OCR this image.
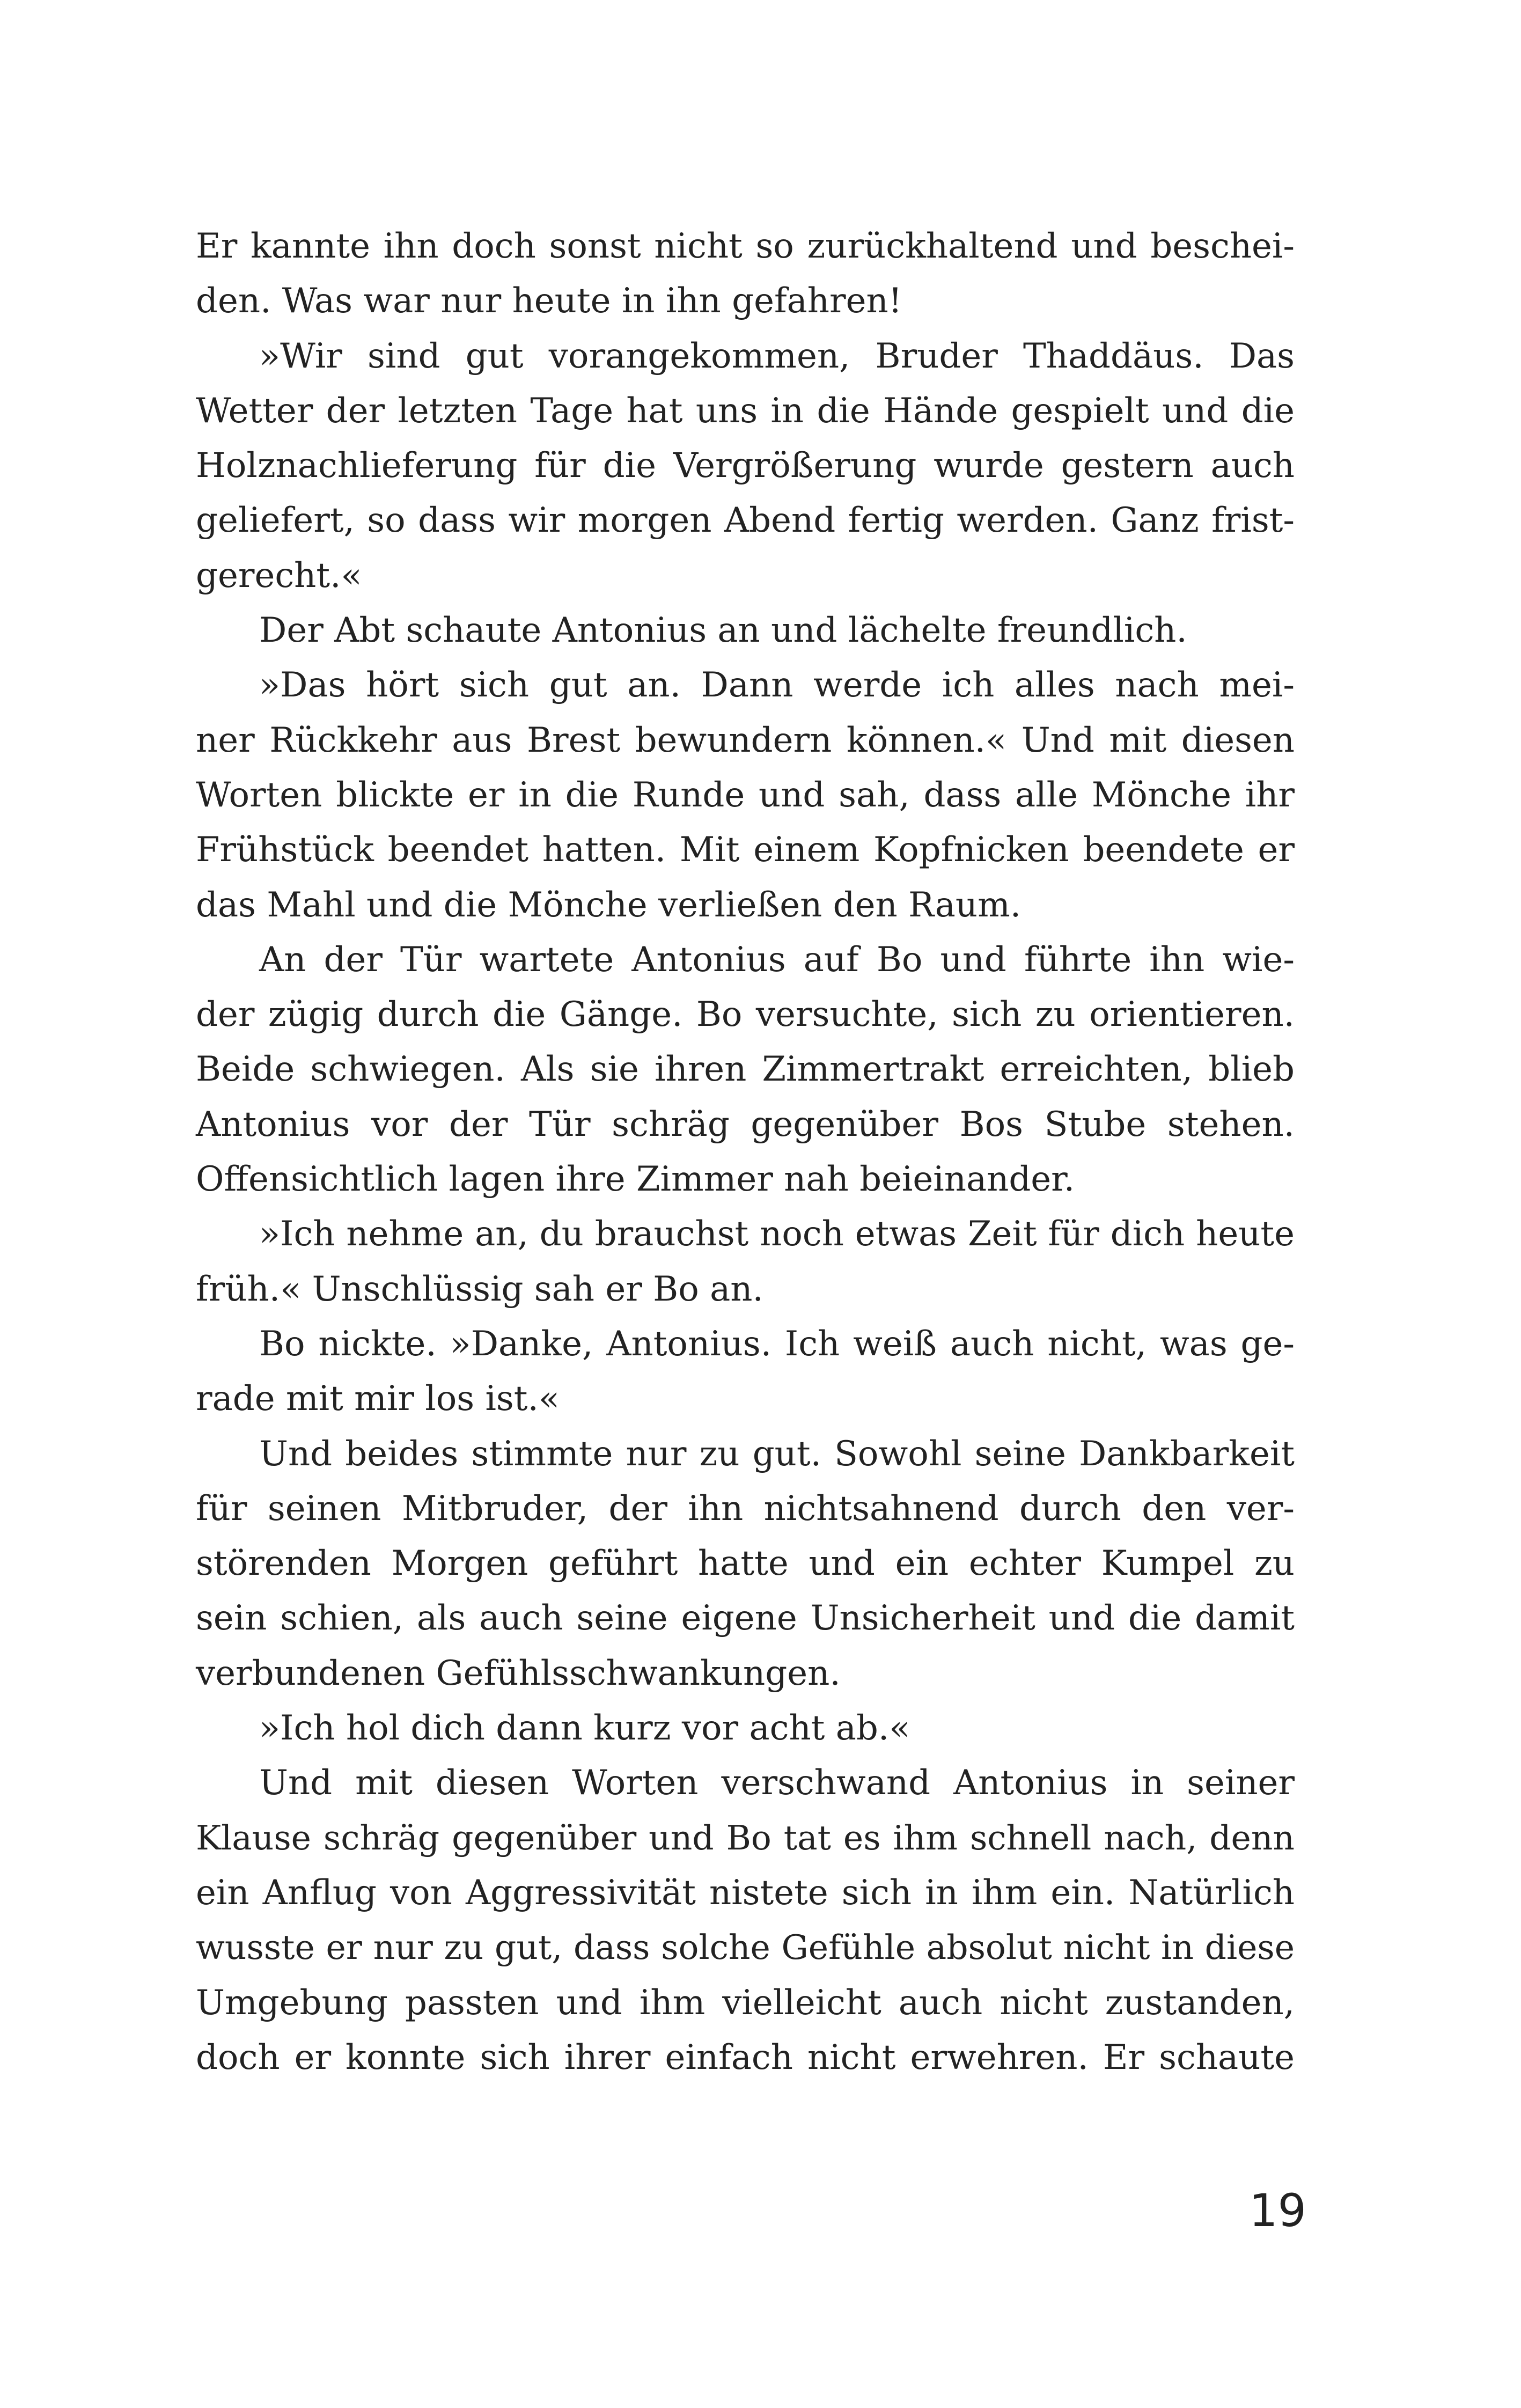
Er kannte ihn doch sonst nicht so zurückhaltend und beschei-
den. Was war nur heute in ihn gefahren!
»Wir sind gut vorangekommen, Bruder Thaddäus. Das
Wetter der letzten Tage hat uns in die Hände gespielt und die
Holznachlieferung für die Vergrößerung wurde gestern auch
geliefert, so dass wir morgen Abend fertig werden. Ganz frist-
gerecht.«
Der Abt schaute Antonius an und lächelte freundlich.
»Das hört sich gut an. Dann werde ich alles nach mei-
ner Rückkehr aus Brest bewundern können.« Und mit diesen
Worten blickte er in die Runde und sah, dass alle Mönche ihr
Frühstück beendet hatten. Mit einem Kopfnicken beendete er
das Mahl und die Mönche verließen den Raum.
An der Tür wartete Antonius auf Bo und führte ihn wie-
der zügig durch die Gänge. Bo versuchte, sich zu orientieren.
Beide schwiegen. Als sie ihren Zimmertrakt erreichten, blieb
Antonius vor der Tür schräg gegenüber Bos Stube stehen.
Offensichtlich lagen ihre Zimmer nah beieinander.
»Ich nehme an, du brauchst noch etwas Zeit für dich heute
früh.« Unschlüssig sah er Bo an.
Bo nickte. »Danke, Antonius. Ich weiß auch nicht, was ge-
rade mit mir los ist.«
Und beides stimmte nur zu gut. Sowohl seine Dankbarkeit
für seinen Mitbruder, der ihn nichtsahnend durch den ver-
störenden Morgen geführt hatte und ein echter Kumpel zu
sein schien, als auch seine eigene Unsicherheit und die damit
verbundenen Gefühlsschwankungen.
»Ich hol dich dann kurz vor acht ab.«
Und mit diesen Worten verschwand Antonius in seiner
Klause schräg gegenüber und Bo tat es ihm schnell nach, denn
ein Anflug von Aggressivität nistete sich in ihm ein. Natürlich
wusste er nur zu gut, dass solche Gefühle absolut nicht in diese
Umgebung passten und ihm vielleicht auch nicht zustanden,
doch er konnte sich ihrer einfach nicht erwehren. Er schaute
19
